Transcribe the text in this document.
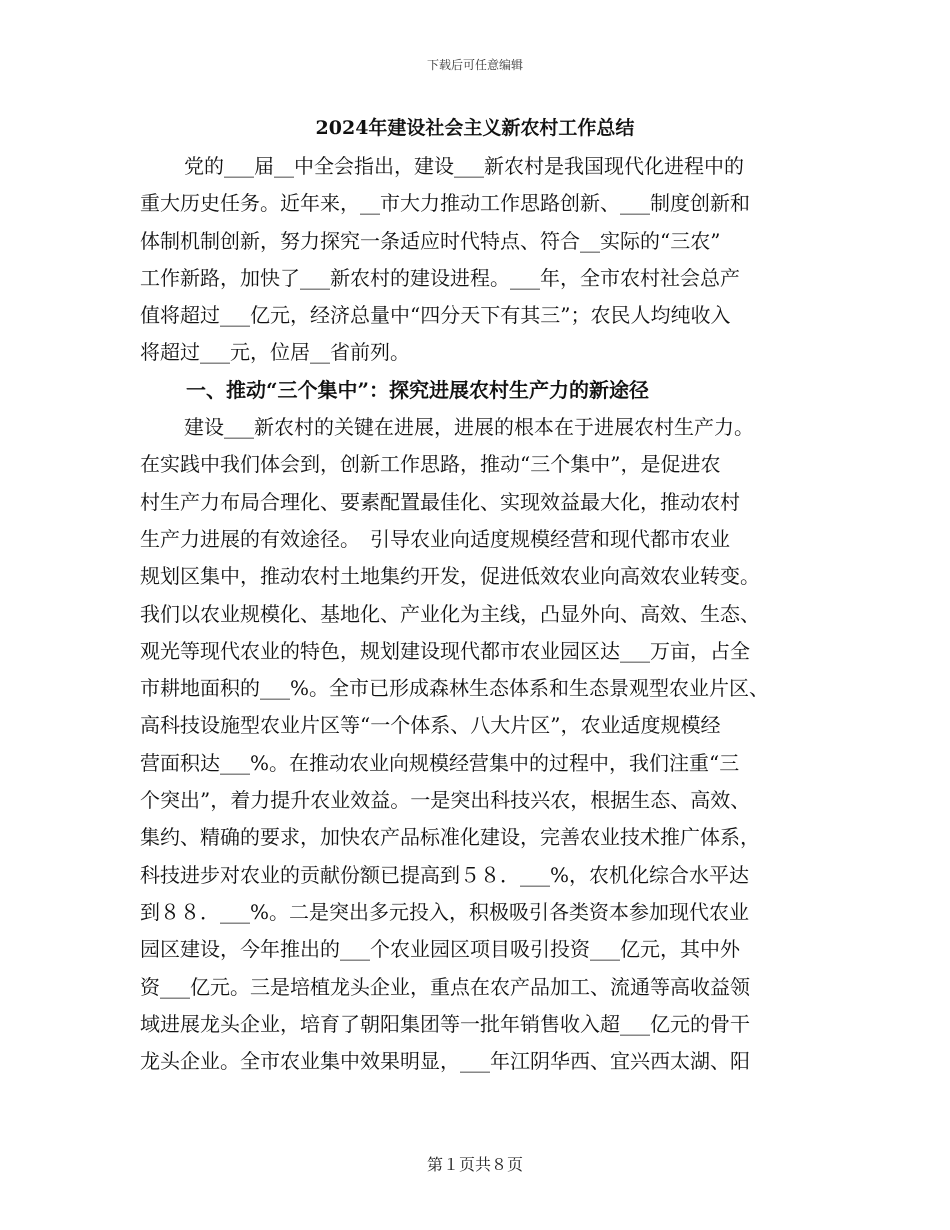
下载后可任意编辑
2024年建设社会主义新农村工作总结
党的___届__中全会指出，建设___新农村是我国现代化进程中的
重大历史任务。近年来，__市大力推动工作思路创新、___制度创新和
体制机制创新，努力探究一条适应时代特点、符合__实际的“三农”
工作新路，加快了___新农村的建设进程。___年，全市农村社会总产
值将超过___亿元，经济总量中“四分天下有其三”；农民人均纯收入
将超过___元，位居__省前列。
一、推动“三个集中”：探究进展农村生产力的新途径
建设___新农村的关键在进展，进展的根本在于进展农村生产力。
在实践中我们体会到，创新工作思路，推动“三个集中”，是促进农
村生产力布局合理化、要素配置最佳化、实现效益最大化，推动农村
生产力进展的有效途径。　引导农业向适度规模经营和现代都市农业
规划区集中，推动农村土地集约开发，促进低效农业向高效农业转变。
我们以农业规模化、基地化、产业化为主线，凸显外向、高效、生态、
观光等现代农业的特色，规划建设现代都市农业园区达___万亩，占全
市耕地面积的___%。全市已形成森林生态体系和生态景观型农业片区、
高科技设施型农业片区等“一个体系、八大片区”，农业适度规模经
营面积达___%。在推动农业向规模经营集中的过程中，我们注重“三
个突出”，着力提升农业效益。一是突出科技兴农，根据生态、高效、
集约、精确的要求，加快农产品标准化建设，完善农业技术推广体系，
科技进步对农业的贡献份额已提高到５８．___%，农机化综合水平达
到８８．___%。二是突出多元投入，积极吸引各类资本参加现代农业
园区建设，今年推出的___个农业园区项目吸引投资___亿元，其中外
资___亿元。三是培植龙头企业，重点在农产品加工、流通等高收益领
域进展龙头企业，培育了朝阳集团等一批年销售收入超___亿元的骨干
龙头企业。全市农业集中效果明显，___年江阴华西、宜兴西太湖、阳
第１页共８页
